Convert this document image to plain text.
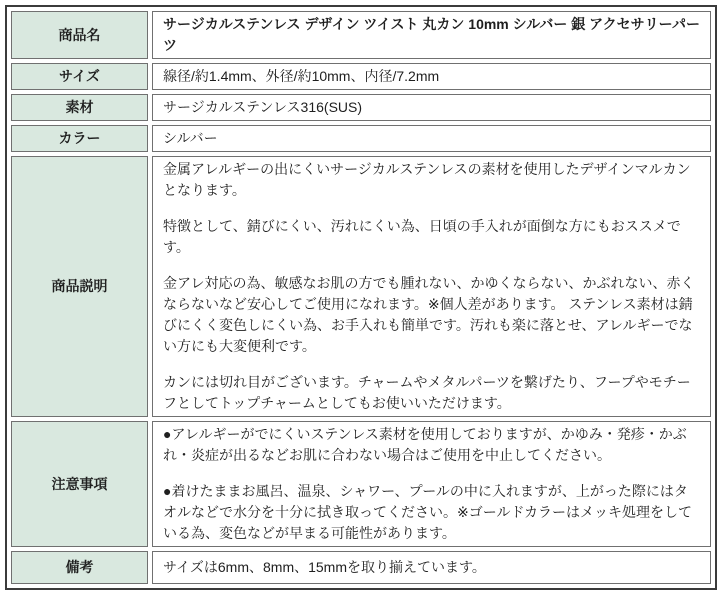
商品名	サージカルステンレス デザイン ツイスト 丸カン 10mm シルバー 銀 アクセサリーパーツ
サイズ	線径/約1.4mm、外径/約10mm、内径/7.2mm
素材	サージカルステンレス316(SUS)
カラー	シルバー
商品説明	金属アレルギーの出にくいサージカルステンレスの素材を使用したデザインマルカンとなります。

特徴として、錆びにくい、汚れにくい為、日頃の手入れが面倒な方にもおススメです。

金アレ対応の為、敏感なお肌の方でも腫れない、かゆくならない、かぶれない、赤くならないなど安心してご使用になれます。※個人差があります。 ステンレス素材は錆びにくく変色しにくい為、お手入れも簡単です。汚れも楽に落とせ、アレルギーでない方にも大変便利です。

カンには切れ目がございます。チャームやメタルパーツを繋げたり、フープやモチーフとしてトップチャームとしてもお使いいただけます。

注意事項	●アレルギーがでにくいステンレス素材を使用しておりますが、かゆみ・発疹・かぶれ・炎症が出るなどお肌に合わない場合はご使用を中止してください。

●着けたままお風呂、温泉、シャワー、プールの中に入れますが、上がった際にはタオルなどで水分を十分に拭き取ってください。※ゴールドカラーはメッキ処理をしている為、変色などが早まる可能性があります。

備考	サイズは6mm、8mm、15mmを取り揃えています。
